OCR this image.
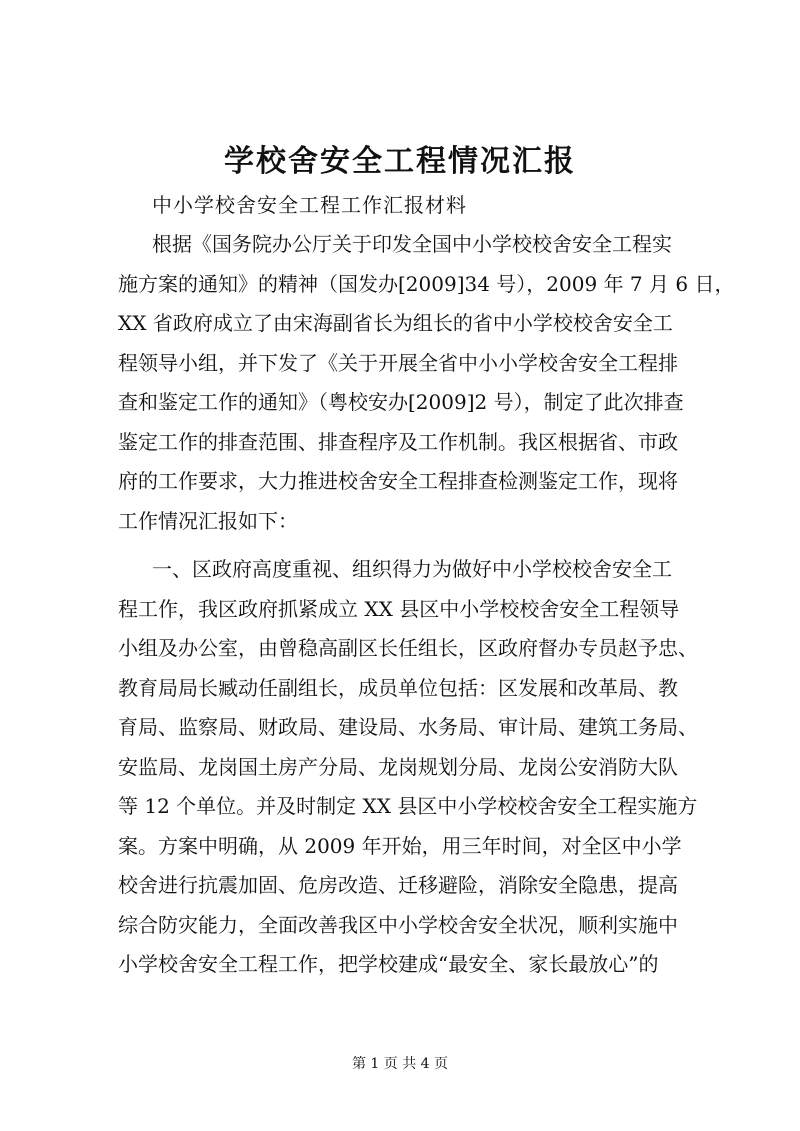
学校舍安全工程情况汇报
中小学校舍安全工程工作汇报材料
根据《国务院办公厅关于印发全国中小学校校舍安全工程实
施方案的通知》的精神（国发办[2009]34 号），2009 年 7 月 6 日，
XX 省政府成立了由宋海副省长为组长的省中小学校校舍安全工
程领导小组，并下发了《关于开展全省中小小学校舍安全工程排
查和鉴定工作的通知》（粤校安办[2009]2 号），制定了此次排查
鉴定工作的排查范围、排查程序及工作机制。我区根据省、市政
府的工作要求，大力推进校舍安全工程排查检测鉴定工作，现将
工作情况汇报如下：
一、区政府高度重视、组织得力为做好中小学校校舍安全工
程工作，我区政府抓紧成立 XX 县区中小学校校舍安全工程领导
小组及办公室，由曾稳高副区长任组长，区政府督办专员赵予忠、
教育局局长臧动任副组长，成员单位包括：区发展和改革局、教
育局、监察局、财政局、建设局、水务局、审计局、建筑工务局、
安监局、龙岗国土房产分局、龙岗规划分局、龙岗公安消防大队
等 12 个单位。并及时制定 XX 县区中小学校校舍安全工程实施方
案。方案中明确，从 2009 年开始，用三年时间，对全区中小学
校舍进行抗震加固、危房改造、迁移避险，消除安全隐患，提高
综合防灾能力，全面改善我区中小学校舍安全状况，顺利实施中
小学校舍安全工程工作，把学校建成“最安全、家长最放心”的
第 1 页 共 4 页
